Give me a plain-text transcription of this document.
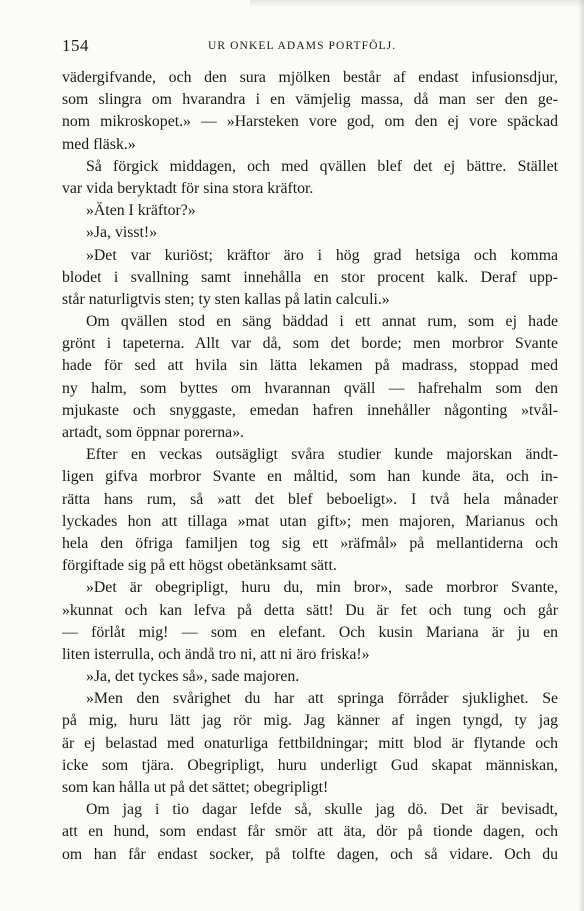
154	UR ONKEL ADAMS PORTFÖLJ.
vädergifvande, och den sura mjölken består af endast infusionsdjur,
som slingra om hvarandra i en vämjelig massa, då man ser den ge-
nom mikroskopet.» — »Harsteken vore god, om den ej vore späckad
med fläsk.»
Så förgick middagen, och med qvällen blef det ej bättre. Stället
var vida beryktadt för sina stora kräftor.
»Äten I kräftor?»
»Ja, visst!»
»Det var kuriöst; kräftor äro i hög grad hetsiga och komma
blodet i svallning samt innehålla en stor procent kalk. Deraf upp-
står naturligtvis sten; ty sten kallas på latin calculi.»
Om qvällen stod en säng bäddad i ett annat rum, som ej hade
grönt i tapeterna. Allt var då, som det borde; men morbror Svante
hade för sed att hvila sin lätta lekamen på madrass, stoppad med
ny halm, som byttes om hvarannan qväll — hafrehalm som den
mjukaste och snyggaste, emedan hafren innehåller någonting »tvål-
artadt, som öppnar porerna».
Efter en veckas outsägligt svåra studier kunde majorskan ändt-
ligen gifva morbror Svante en måltid, som han kunde äta, och in-
rätta hans rum, så »att det blef beboeligt». I två hela månader
lyckades hon att tillaga »mat utan gift»; men majoren, Marianus och
hela den öfriga familjen tog sig ett »räfmål» på mellantiderna och
förgiftade sig på ett högst obetänksamt sätt.
»Det är obegripligt, huru du, min bror», sade morbror Svante,
»kunnat och kan lefva på detta sätt! Du är fet och tung och går
— förlåt mig! — som en elefant. Och kusin Mariana är ju en
liten isterrulla, och ändå tro ni, att ni äro friska!»
»Ja, det tyckes så», sade majoren.
»Men den svårighet du har att springa förråder sjuklighet. Se
på mig, huru lätt jag rör mig. Jag känner af ingen tyngd, ty jag
är ej belastad med onaturliga fettbildningar; mitt blod är flytande och
icke som tjära. Obegripligt, huru underligt Gud skapat människan,
som kan hålla ut på det sättet; obegripligt!
Om jag i tio dagar lefde så, skulle jag dö. Det är bevisadt,
att en hund, som endast får smör att äta, dör på tionde dagen, och
om han får endast socker, på tolfte dagen, och så vidare. Och du
